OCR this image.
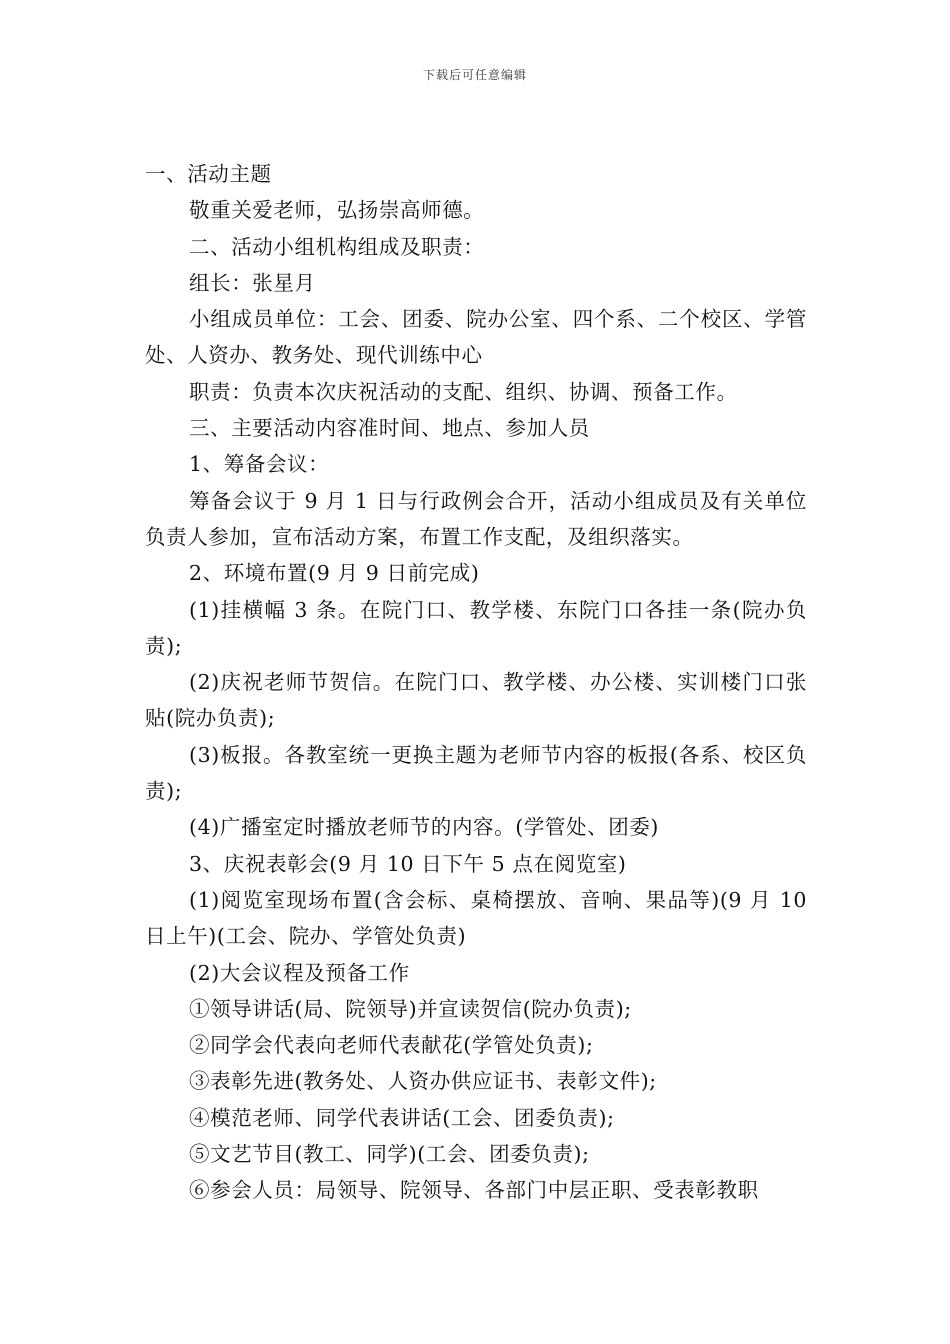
下载后可任意编辑

一、活动主题

敬重关爱老师，弘扬崇高师德。

二、活动小组机构组成及职责：

组长：张星月

小组成员单位：工会、团委、院办公室、四个系、二个校区、学管处、人资办、教务处、现代训练中心

职责：负责本次庆祝活动的支配、组织、协调、预备工作。

三、主要活动内容准时间、地点、参加人员

1、筹备会议：

筹备会议于 9 月 1 日与行政例会合开，活动小组成员及有关单位负责人参加，宣布活动方案，布置工作支配，及组织落实。

2、环境布置(9 月 9 日前完成)

(1)挂横幅 3 条。在院门口、教学楼、东院门口各挂一条(院办负责);

(2)庆祝老师节贺信。在院门口、教学楼、办公楼、实训楼门口张贴(院办负责);

(3)板报。各教室统一更换主题为老师节内容的板报(各系、校区负责);

(4)广播室定时播放老师节的内容。(学管处、团委)

3、庆祝表彰会(9 月 10 日下午 5 点在阅览室)

(1)阅览室现场布置(含会标、桌椅摆放、音响、果品等)(9 月 10 日上午)(工会、院办、学管处负责)

(2)大会议程及预备工作

①领导讲话(局、院领导)并宣读贺信(院办负责);

②同学会代表向老师代表献花(学管处负责);

③表彰先进(教务处、人资办供应证书、表彰文件);

④模范老师、同学代表讲话(工会、团委负责);

⑤文艺节目(教工、同学)(工会、团委负责);

⑥参会人员：局领导、院领导、各部门中层正职、受表彰教职
